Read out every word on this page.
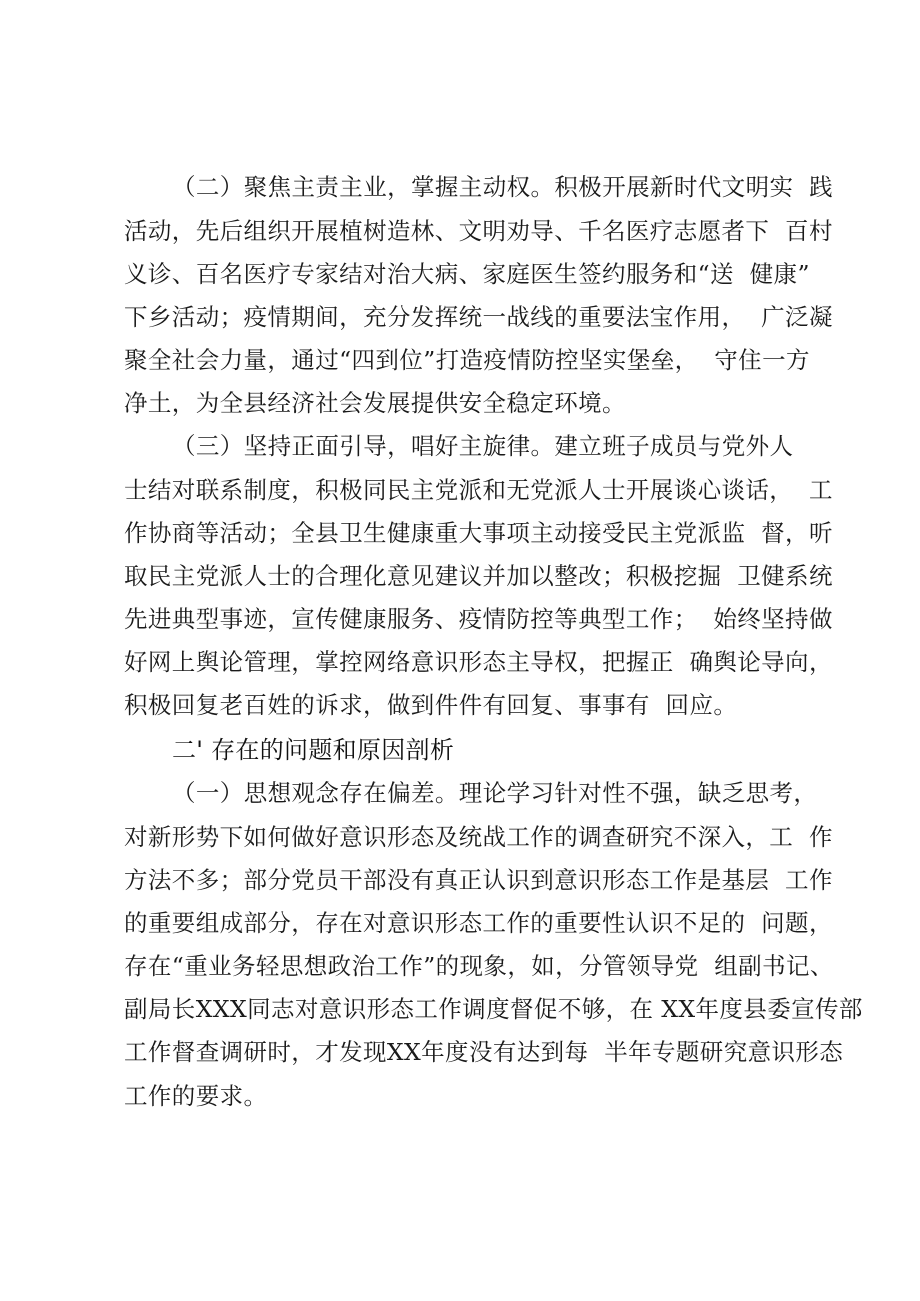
（二）聚焦主责主业，掌握主动权。积极开展新时代文明实  践
活动，先后组织开展植树造林、文明劝导、千名医疗志愿者下  百村
义诊、百名医疗专家结对治大病、家庭医生签约服务和“送  健康”
下乡活动；疫情期间，充分发挥统一战线的重要法宝作用，  广泛凝
聚全社会力量，通过“四到位”打造疫情防控坚实堡垒，  守住一方
净土，为全县经济社会发展提供安全稳定环境。
（三）坚持正面引导，唱好主旋律。建立班子成员与党外人
士结对联系制度，积极同民主党派和无党派人士开展谈心谈话，  工
作协商等活动；全县卫生健康重大事项主动接受民主党派监  督，听
取民主党派人士的合理化意见建议并加以整改；积极挖掘  卫健系统
先进典型事迹，宣传健康服务、疫情防控等典型工作；  始终坚持做
好网上舆论管理，掌控网络意识形态主导权，把握正  确舆论导向，
积极回复老百姓的诉求，做到件件有回复、事事有  回应。
二' 存在的问题和原因剖析
（一）思想观念存在偏差。理论学习针对性不强，缺乏思考，
对新形势下如何做好意识形态及统战工作的调查研究不深入，工  作
方法不多；部分党员干部没有真正认识到意识形态工作是基层  工作
的重要组成部分，存在对意识形态工作的重要性认识不足的  问题，
存在“重业务轻思想政治工作”的现象，如，分管领导党  组副书记、
副局长XXX同志对意识形态工作调度督促不够，在 XX年度县委宣传部
工作督查调研时，才发现XX年度没有达到每  半年专题研究意识形态
工作的要求。
